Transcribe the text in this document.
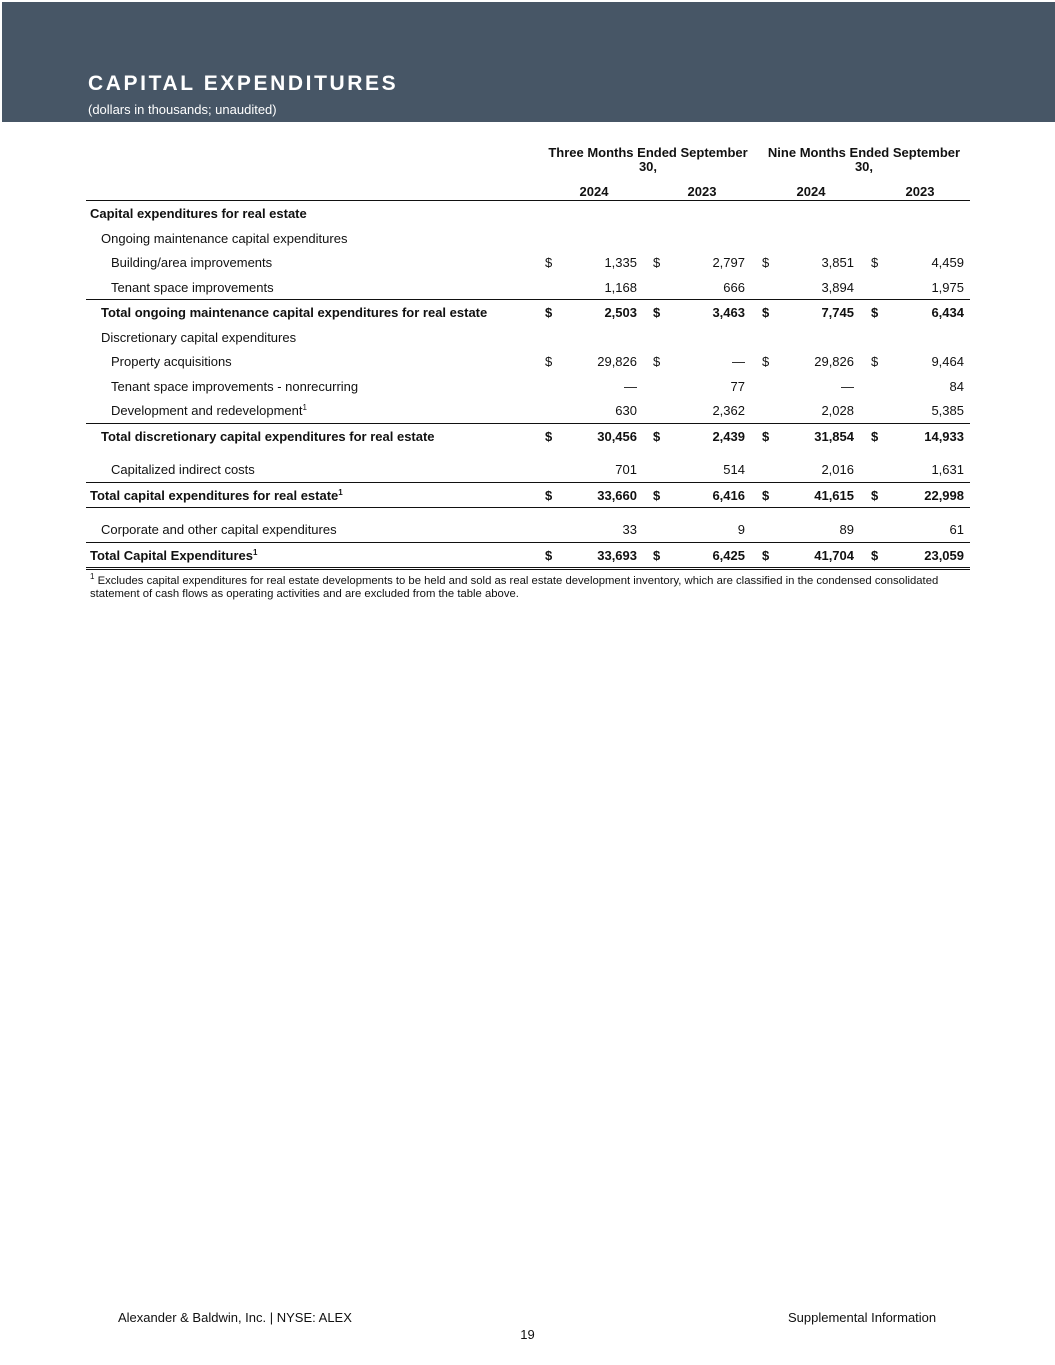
CAPITAL EXPENDITURES
(dollars in thousands; unaudited)
Three Months Ended September 30,
Nine Months Ended September 30,
2024	2023	2024	2023
Capital expenditures for real estate
Ongoing maintenance capital expenditures
Building/area improvements	$	1,335 $	2,797 $	3,851 $	4,459
Tenant space improvements	1,168	666	3,894	1,975
Total ongoing maintenance capital expenditures for real estate	$	2,503 $	3,463 $	7,745 $	6,434
Discretionary capital expenditures
Property acquisitions	$	29,826 $	— $	29,826 $	9,464
Tenant space improvements - nonrecurring	—	77	—	84
Development and redevelopment$^1$	630	2,362	2,028	5,385
Total discretionary capital expenditures for real estate	$	30,456 $	2,439 $	31,854 $	14,933
Capitalized indirect costs	701	514	2,016	1,631
Total capital expenditures for real estate$^1$	$	33,660 $	6,416 $	41,615 $	22,998
Corporate and other capital expenditures	33	9	89	61
Total Capital Expenditures$^1$	$	33,693 $	6,425 $	41,704 $	23,059
$^1$ Excludes capital expenditures for real estate developments to be held and sold as real estate development inventory, which are classified in the condensed consolidated statement of cash flows as operating activities and are excluded from the table above.
Alexander & Baldwin, Inc. | NYSE: ALEX	Supplemental Information
19
